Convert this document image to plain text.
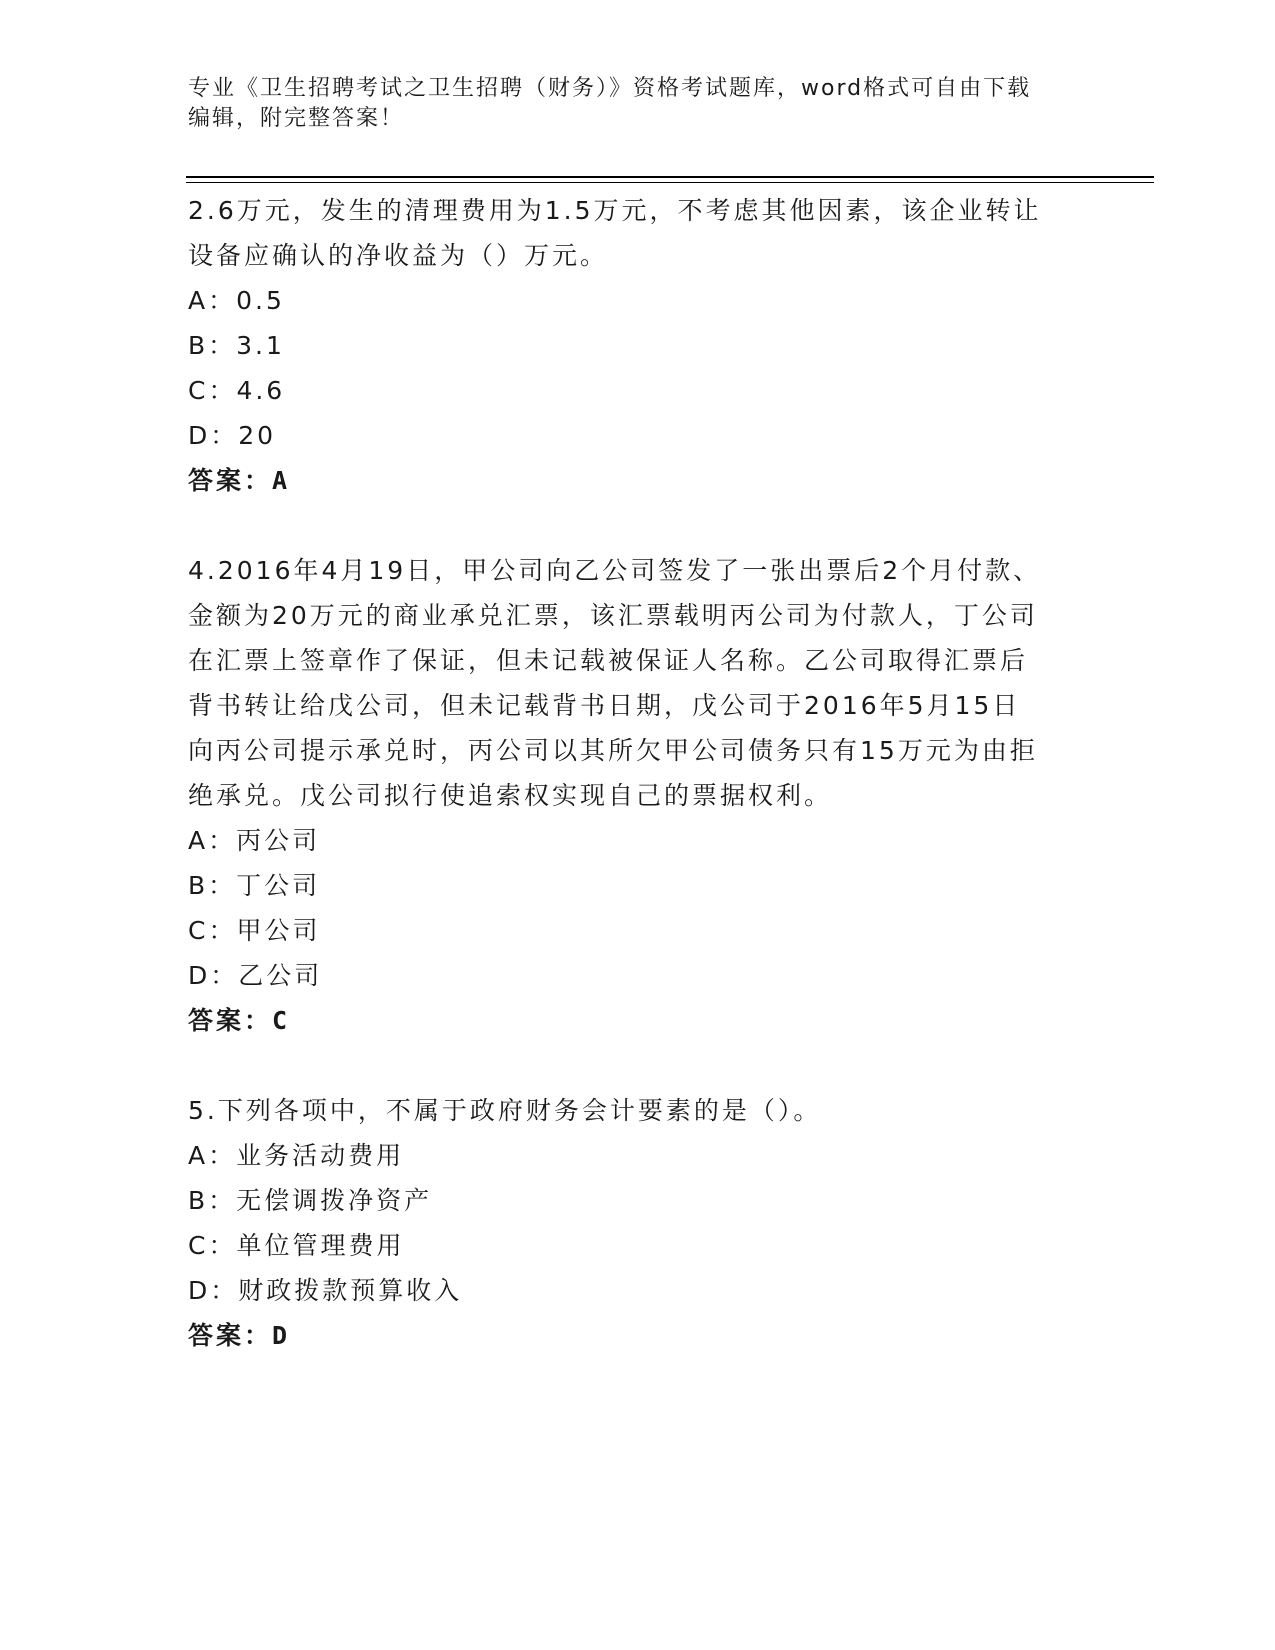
专业《卫生招聘考试之卫生招聘（财务）》资格考试题库，word格式可自由下载
编辑，附完整答案！

2.6万元，发生的清理费用为1.5万元，不考虑其他因素，该企业转让

设备应确认的净收益为（）万元。

A：0.5

B：3.1

C：4.6

D：20

答案：A

4.2016年4月19日，甲公司向乙公司签发了一张出票后2个月付款、

金额为20万元的商业承兑汇票，该汇票载明丙公司为付款人，丁公司

在汇票上签章作了保证，但未记载被保证人名称。乙公司取得汇票后

背书转让给戊公司，但未记载背书日期，戊公司于2016年5月15日

向丙公司提示承兑时，丙公司以其所欠甲公司债务只有15万元为由拒

绝承兑。戊公司拟行使追索权实现自己的票据权利。

A：丙公司

B：丁公司

C：甲公司

D：乙公司

答案：C

5.下列各项中，不属于政府财务会计要素的是（）。

A：业务活动费用

B：无偿调拨净资产

C：单位管理费用

D：财政拨款预算收入

答案：D
